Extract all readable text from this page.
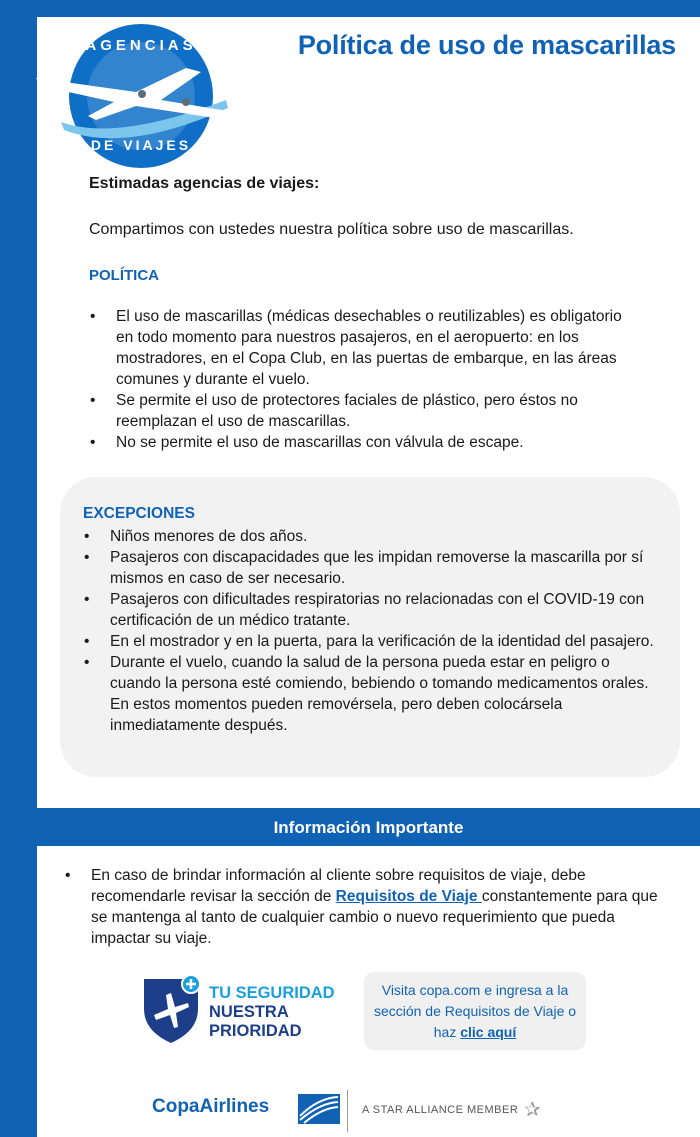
AGENCIAS
DE VIAJES
Política de uso de mascarillas
Estimadas agencias de viajes:
Compartimos con ustedes nuestra política sobre uso de mascarillas.
POLÍTICA
• El uso de mascarillas (médicas desechables o reutilizables) es obligatorio en todo momento para nuestros pasajeros, en el aeropuerto: en los mostradores, en el Copa Club, en las puertas de embarque, en las áreas comunes y durante el vuelo.
• Se permite el uso de protectores faciales de plástico, pero éstos no reemplazan el uso de mascarillas.
• No se permite el uso de mascarillas con válvula de escape.
EXCEPCIONES
• Niños menores de dos años.
• Pasajeros con discapacidades que les impidan removerse la mascarilla por sí mismos en caso de ser necesario.
• Pasajeros con dificultades respiratorias no relacionadas con el COVID-19 con certificación de un médico tratante.
• En el mostrador y en la puerta, para la verificación de la identidad del pasajero.
• Durante el vuelo, cuando la salud de la persona pueda estar en peligro o cuando la persona esté comiendo, bebiendo o tomando medicamentos orales. En estos momentos pueden removérsela, pero deben colocársela inmediatamente después.
Información Importante
• En caso de brindar información al cliente sobre requisitos de viaje, debe recomendarle revisar la sección de Requisitos de Viaje constantemente para que se mantenga al tanto de cualquier cambio o nuevo requerimiento que pueda impactar su viaje.
TU SEGURIDAD
NUESTRA
PRIORIDAD
Visita copa.com e ingresa a la sección de Requisitos de Viaje o haz clic aquí
CopaAirlines	A STAR ALLIANCE MEMBER ✰
